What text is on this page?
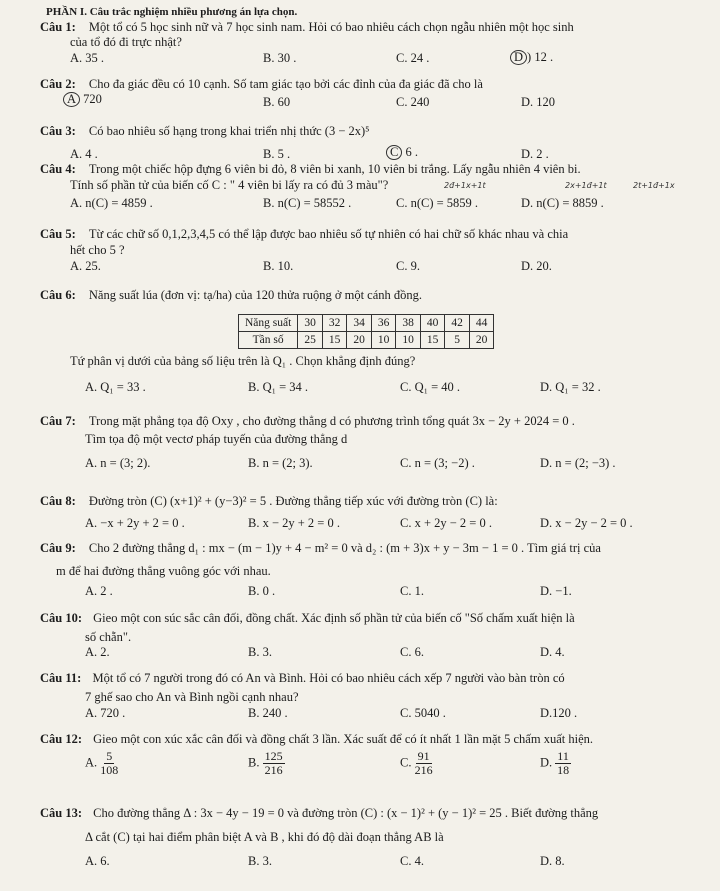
PHẦN I. Câu trắc nghiệm nhiều phương án lựa chọn.
Câu 1: Một tổ có 5 học sinh nữ và 7 học sinh nam. Hỏi có bao nhiêu cách chọn ngẫu nhiên một học sinh
của tổ đó đi trực nhật?
A. 35 .	B. 30 .	C. 24 .	D ) 12 .
Câu 2: Cho đa giác đều có 10 cạnh. Số tam giác tạo bởi các đỉnh của đa giác đã cho là
A 720	B. 60	C. 240	D. 120
Câu 3: Có bao nhiêu số hạng trong khai triển nhị thức (3 − 2x)⁵
A. 4 .	B. 5 .	C 6 .	D. 2 .
Câu 4: Trong một chiếc hộp đựng 6 viên bi đỏ, 8 viên bi xanh, 10 viên bi trắng. Lấy ngẫu nhiên 4 viên bi.
Tính số phần tử của biến cố C : " 4 viên bi lấy ra có đủ 3 màu"?	2đ+1x+1t	2x+1đ+1t	2t+1đ+1x
A. n(C) = 4859 .	B. n(C) = 58552 .	C. n(C) = 5859 .	D. n(C) = 8859 .
Câu 5: Từ các chữ số 0,1,2,3,4,5 có thể lập được bao nhiêu số tự nhiên có hai chữ số khác nhau và chia
hết cho 5 ?
A. 25.	B. 10.	C. 9.	D. 20.
Câu 6: Năng suất lúa (đơn vị: tạ/ha) của 120 thửa ruộng ở một cánh đồng.
Năng suất	30	32	34	36	38	40	42	44
Tần số	25	15	20	10	10	15	5	20
Tứ phân vị dưới của bảng số liệu trên là Q₁ . Chọn khẳng định đúng?
A. Q₁ = 33 .	B. Q₁ = 34 .	C. Q₁ = 40 .	D. Q₁ = 32 .
Câu 7: Trong mặt phẳng tọa độ Oxy , cho đường thẳng d có phương trình tổng quát 3x − 2y + 2024 = 0 .
Tìm tọa độ một vectơ pháp tuyến của đường thẳng d
A. n = (3; 2).	B. n = (2; 3).	C. n = (3; −2) .	D. n = (2; −3) .
Câu 8: Đường tròn (C) (x+1)² + (y−3)² = 5 . Đường thẳng tiếp xúc với đường tròn (C) là:
A. −x + 2y + 2 = 0 .	B. x − 2y + 2 = 0 .	C. x + 2y − 2 = 0 .	D. x − 2y − 2 = 0 .
Câu 9: Cho 2 đường thẳng d₁ : mx − (m − 1)y + 4 − m² = 0 và d₂ : (m + 3)x + y − 3m − 1 = 0 . Tìm giá trị của
m để hai đường thẳng vuông góc với nhau.
A. 2 .	B. 0 .	C. 1.	D. −1.
Câu 10: Gieo một con súc sắc cân đối, đồng chất. Xác định số phần tử của biến cố "Số chấm xuất hiện là
số chẵn".
A. 2.	B. 3.	C. 6.	D. 4.
Câu 11: Một tổ có 7 người trong đó có An và Bình. Hỏi có bao nhiêu cách xếp 7 người vào bàn tròn có
7 ghế sao cho An và Bình ngồi cạnh nhau?
A. 720 .	B. 240 .	C. 5040 .	D.120 .
Câu 12: Gieo một con xúc xắc cân đối và đồng chất 3 lần. Xác suất để có ít nhất 1 lần mặt 5 chấm xuất hiện.
A. $\frac{5}{108}$	B. $\frac{125}{216}$	C. $\frac{91}{216}$	D. $\frac{11}{18}$
Câu 13: Cho đường thẳng Δ : 3x − 4y − 19 = 0 và đường tròn (C) : (x − 1)² + (y − 1)² = 25 . Biết đường thẳng
Δ cắt (C) tại hai điểm phân biệt A và B , khi đó độ dài đoạn thẳng AB là
A. 6.	B. 3.	C. 4.	D. 8.
